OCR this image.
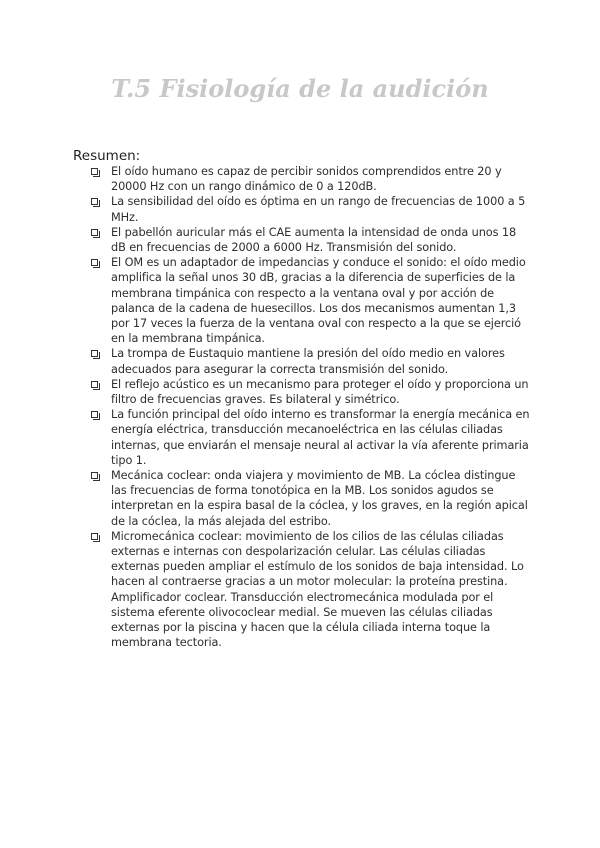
T.5 Fisiología de la audición
Resumen:
El oído humano es capaz de percibir sonidos comprendidos entre 20 y 20000 Hz con un rango dinámico de 0 a 120dB.
La sensibilidad del oído es óptima en un rango de frecuencias de 1000 a 5 MHz.
El pabellón auricular más el CAE aumenta la intensidad de onda unos 18 dB en frecuencias de 2000 a 6000 Hz. Transmisión del sonido.
El OM es un adaptador de impedancias y conduce el sonido: el oído medio amplifica la señal unos 30 dB, gracias a la diferencia de superficies de la membrana timpánica con respecto a la ventana oval y por acción de palanca de la cadena de huesecillos. Los dos mecanismos aumentan 1,3 por 17 veces la fuerza de la ventana oval con respecto a la que se ejerció en la membrana timpánica.
La trompa de Eustaquio mantiene la presión del oído medio en valores adecuados para asegurar la correcta transmisión del sonido.
El reflejo acústico es un mecanismo para proteger el oído y proporciona un filtro de frecuencias graves. Es bilateral y simétrico.
La función principal del oído interno es transformar la energía mecánica en energía eléctrica, transducción mecanoeléctrica en las células ciliadas internas, que enviarán el mensaje neural al activar la vía aferente primaria tipo 1.
Mecánica coclear: onda viajera y movimiento de MB. La cóclea distingue las frecuencias de forma tonotópica en la MB. Los sonidos agudos se interpretan en la espira basal de la cóclea, y los graves, en la región apical de la cóclea, la más alejada del estribo.
Micromecánica coclear: movimiento de los cilios de las células ciliadas externas e internas con despolarización celular. Las células ciliadas externas pueden ampliar el estímulo de los sonidos de baja intensidad. Lo hacen al contraerse gracias a un motor molecular: la proteína prestina. Amplificador coclear. Transducción electromecánica modulada por el sistema eferente olivococlear medial. Se mueven las células ciliadas externas por la piscina y hacen que la célula ciliada interna toque la membrana tectoria.
